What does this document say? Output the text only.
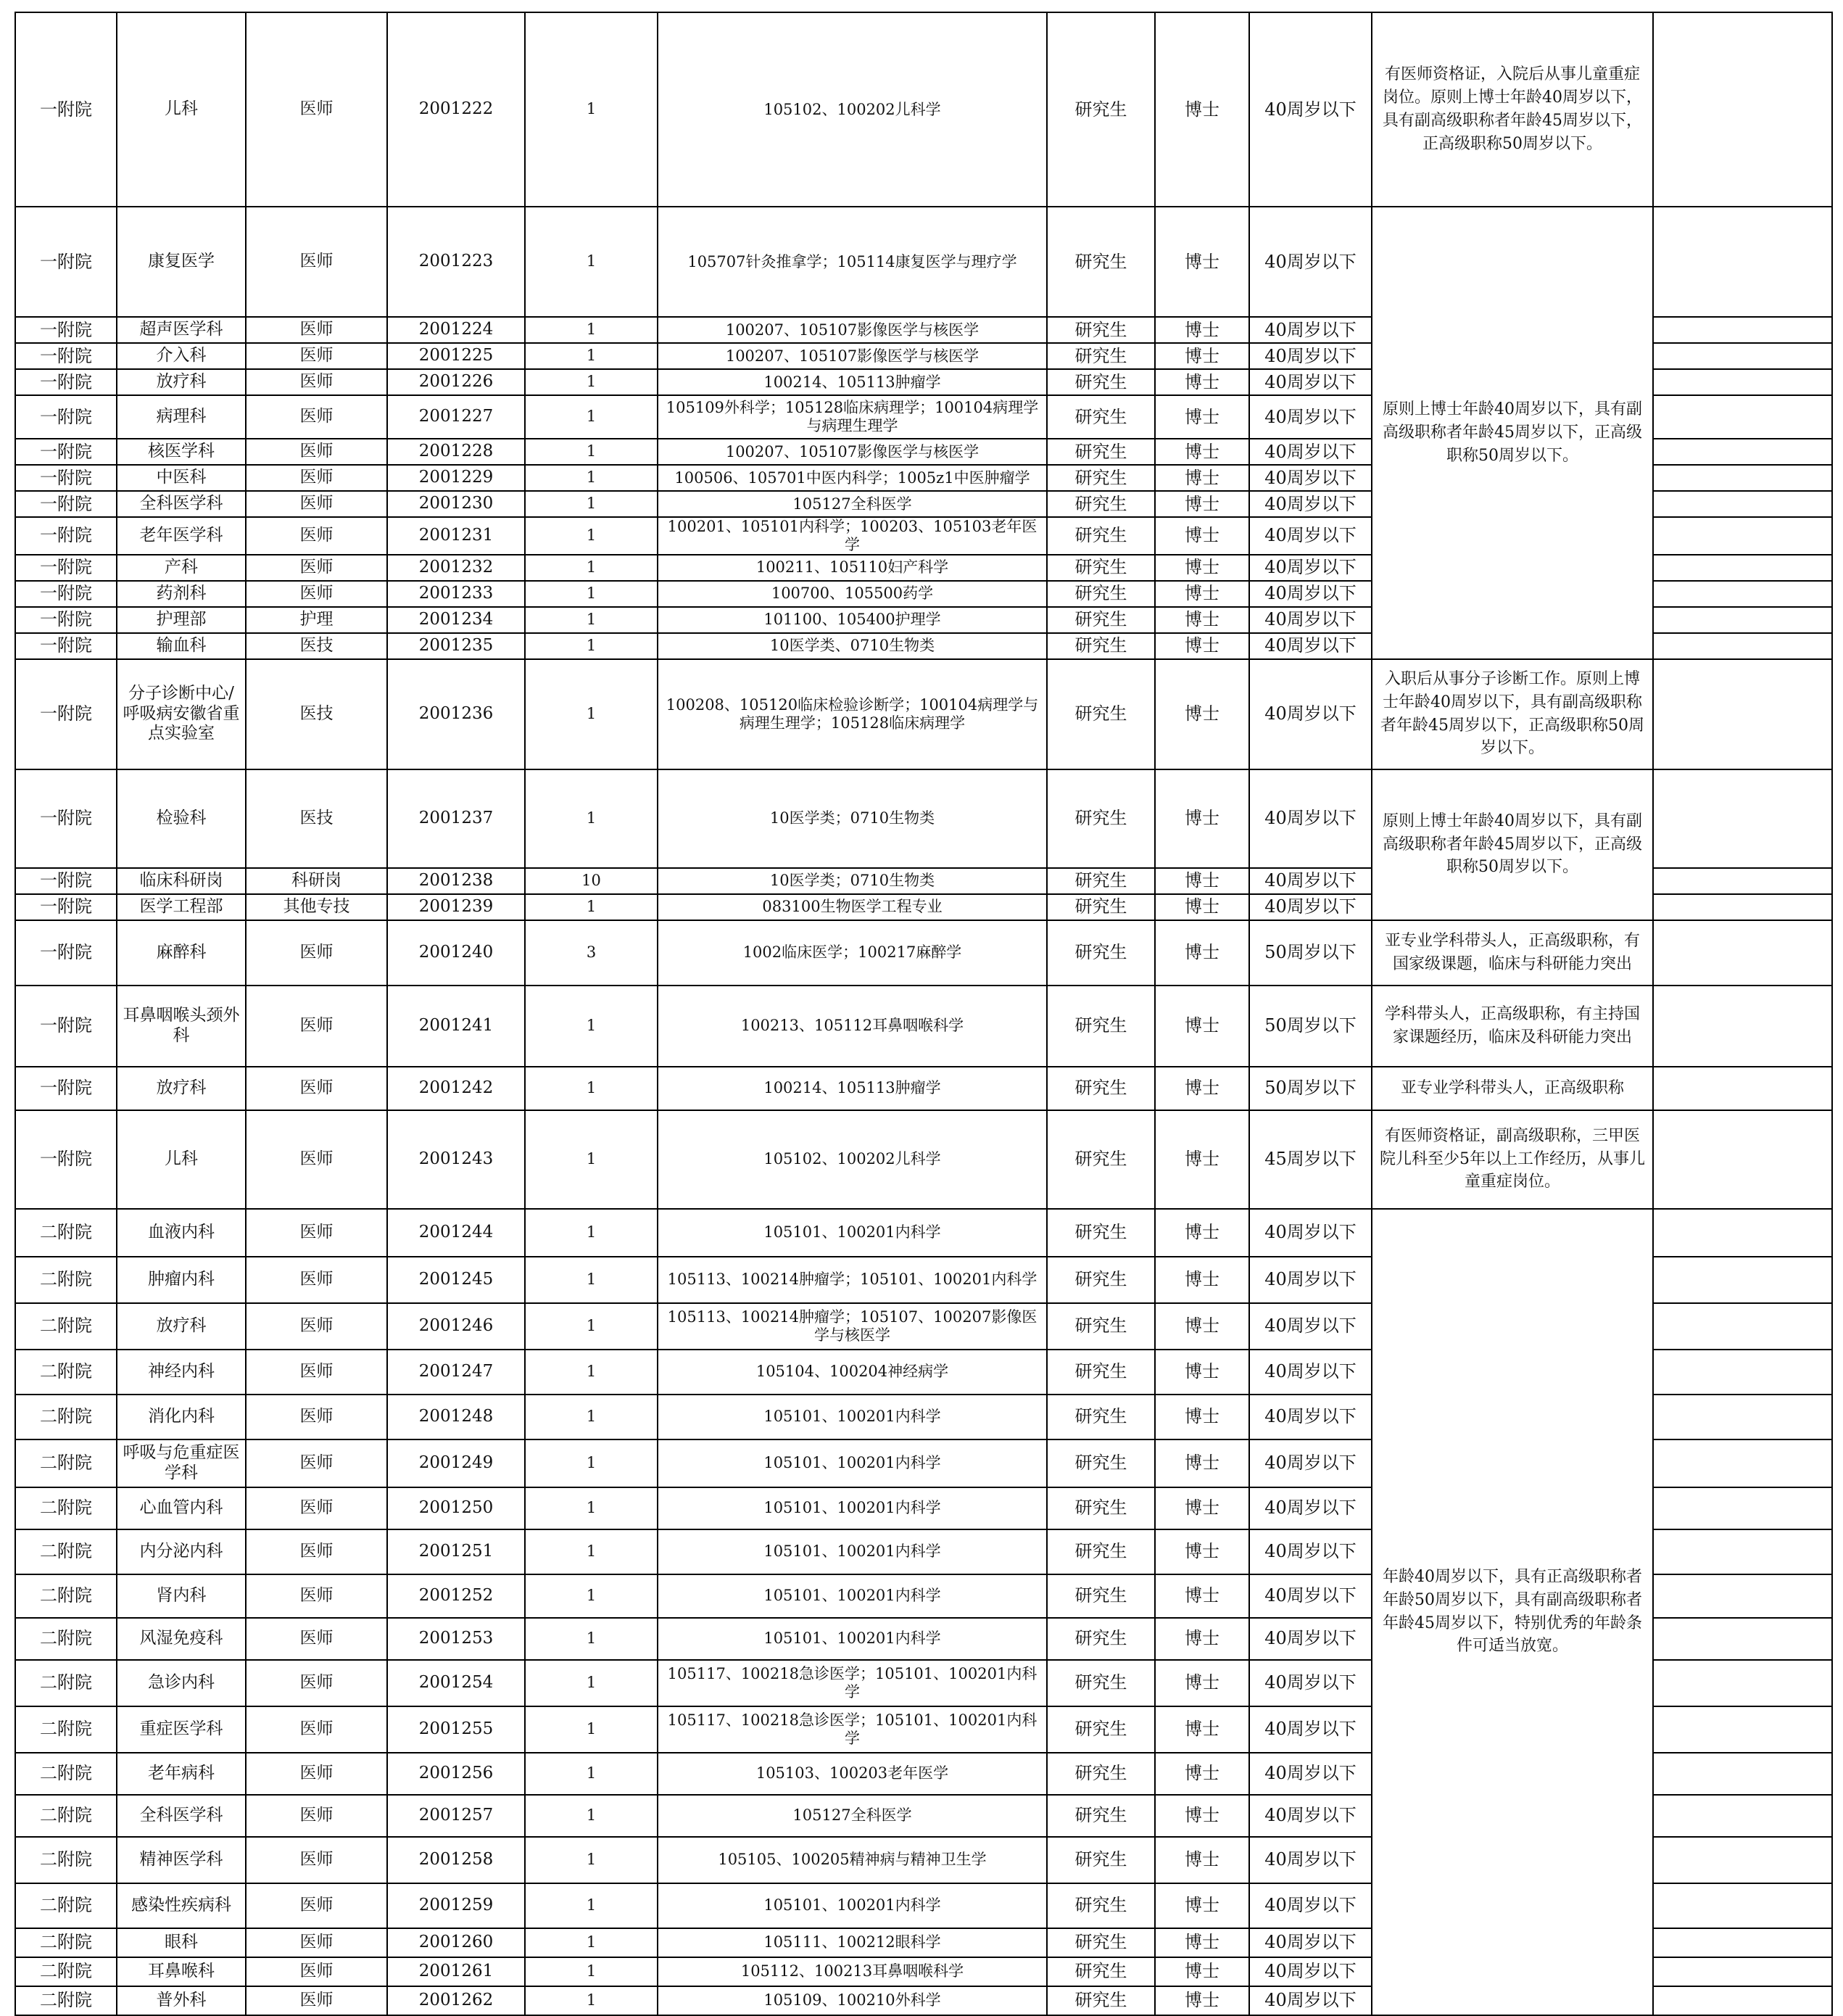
一附院	儿科	医师	2001222	1	105102、100202儿科学	研究生	博士	40周岁以下	有医师资格证，入院后从事儿童重症岗位。原则上博士年龄40周岁以下，具有副高级职称者年龄45周岁以下，正高级职称50周岁以下。	
一附院	康复医学	医师	2001223	1	105707针灸推拿学；105114康复医学与理疗学	研究生	博士	40周岁以下	原则上博士年龄40周岁以下，具有副高级职称者年龄45周岁以下，正高级职称50周岁以下。	
一附院	超声医学科	医师	2001224	1	100207、105107影像医学与核医学	研究生	博士	40周岁以下		
一附院	介入科	医师	2001225	1	100207、105107影像医学与核医学	研究生	博士	40周岁以下		
一附院	放疗科	医师	2001226	1	100214、105113肿瘤学	研究生	博士	40周岁以下		
一附院	病理科	医师	2001227	1	105109外科学；105128临床病理学；100104病理学与病理生理学	研究生	博士	40周岁以下		
一附院	核医学科	医师	2001228	1	100207、105107影像医学与核医学	研究生	博士	40周岁以下		
一附院	中医科	医师	2001229	1	100506、105701中医内科学；1005z1中医肿瘤学	研究生	博士	40周岁以下		
一附院	全科医学科	医师	2001230	1	105127全科医学	研究生	博士	40周岁以下		
一附院	老年医学科	医师	2001231	1	100201、105101内科学；100203、105103老年医学	研究生	博士	40周岁以下		
一附院	产科	医师	2001232	1	100211、105110妇产科学	研究生	博士	40周岁以下		
一附院	药剂科	医师	2001233	1	100700、105500药学	研究生	博士	40周岁以下		
一附院	护理部	护理	2001234	1	101100、105400护理学	研究生	博士	40周岁以下		
一附院	输血科	医技	2001235	1	10医学类、0710生物类	研究生	博士	40周岁以下		
一附院	分子诊断中心/呼吸病安徽省重点实验室	医技	2001236	1	100208、105120临床检验诊断学；100104病理学与病理生理学；105128临床病理学	研究生	博士	40周岁以下	入职后从事分子诊断工作。原则上博士年龄40周岁以下，具有副高级职称者年龄45周岁以下，正高级职称50周岁以下。	
一附院	检验科	医技	2001237	1	10医学类；0710生物类	研究生	博士	40周岁以下	原则上博士年龄40周岁以下，具有副高级职称者年龄45周岁以下，正高级职称50周岁以下。	
一附院	临床科研岗	科研岗	2001238	10	10医学类；0710生物类	研究生	博士	40周岁以下		
一附院	医学工程部	其他专技	2001239	1	083100生物医学工程专业	研究生	博士	40周岁以下		
一附院	麻醉科	医师	2001240	3	1002临床医学；100217麻醉学	研究生	博士	50周岁以下	亚专业学科带头人，正高级职称，有国家级课题，临床与科研能力突出	
一附院	耳鼻咽喉头颈外科	医师	2001241	1	100213、105112耳鼻咽喉科学	研究生	博士	50周岁以下	学科带头人，正高级职称，有主持国家课题经历，临床及科研能力突出	
一附院	放疗科	医师	2001242	1	100214、105113肿瘤学	研究生	博士	50周岁以下	亚专业学科带头人，正高级职称	
一附院	儿科	医师	2001243	1	105102、100202儿科学	研究生	博士	45周岁以下	有医师资格证，副高级职称，三甲医院儿科至少5年以上工作经历，从事儿童重症岗位。	
二附院	血液内科	医师	2001244	1	105101、100201内科学	研究生	博士	40周岁以下	年龄40周岁以下，具有正高级职称者年龄50周岁以下，具有副高级职称者年龄45周岁以下，特别优秀的年龄条件可适当放宽。	
二附院	肿瘤内科	医师	2001245	1	105113、100214肿瘤学；105101、100201内科学	研究生	博士	40周岁以下		
二附院	放疗科	医师	2001246	1	105113、100214肿瘤学；105107、100207影像医学与核医学	研究生	博士	40周岁以下		
二附院	神经内科	医师	2001247	1	105104、100204神经病学	研究生	博士	40周岁以下		
二附院	消化内科	医师	2001248	1	105101、100201内科学	研究生	博士	40周岁以下		
二附院	呼吸与危重症医学科	医师	2001249	1	105101、100201内科学	研究生	博士	40周岁以下		
二附院	心血管内科	医师	2001250	1	105101、100201内科学	研究生	博士	40周岁以下		
二附院	内分泌内科	医师	2001251	1	105101、100201内科学	研究生	博士	40周岁以下		
二附院	肾内科	医师	2001252	1	105101、100201内科学	研究生	博士	40周岁以下		
二附院	风湿免疫科	医师	2001253	1	105101、100201内科学	研究生	博士	40周岁以下		
二附院	急诊内科	医师	2001254	1	105117、100218急诊医学；105101、100201内科学	研究生	博士	40周岁以下		
二附院	重症医学科	医师	2001255	1	105117、100218急诊医学；105101、100201内科学	研究生	博士	40周岁以下		
二附院	老年病科	医师	2001256	1	105103、100203老年医学	研究生	博士	40周岁以下		
二附院	全科医学科	医师	2001257	1	105127全科医学	研究生	博士	40周岁以下		
二附院	精神医学科	医师	2001258	1	105105、100205精神病与精神卫生学	研究生	博士	40周岁以下		
二附院	感染性疾病科	医师	2001259	1	105101、100201内科学	研究生	博士	40周岁以下		
二附院	眼科	医师	2001260	1	105111、100212眼科学	研究生	博士	40周岁以下		
二附院	耳鼻喉科	医师	2001261	1	105112、100213耳鼻咽喉科学	研究生	博士	40周岁以下		
二附院	普外科	医师	2001262	1	105109、100210外科学	研究生	博士	40周岁以下		
